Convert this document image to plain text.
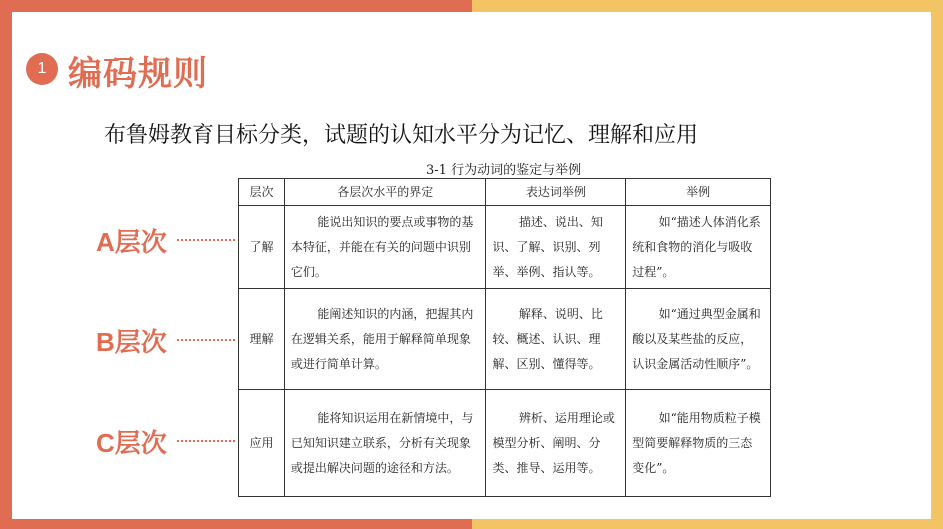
1 编码规则
布鲁姆教育目标分类，试题的认知水平分为记忆、理解和应用
3-1 行为动词的鉴定与举例
层次	各层次水平的界定	表达词举例	举例
了解	能说出知识的要点或事物的基本特征，并能在有关的问题中识别它们。	描述、说出、知识、了解、识别、列举、举例、指认等。	如“描述人体消化系统和食物的消化与吸收过程”。
理解	能阐述知识的内涵，把握其内在逻辑关系，能用于解释简单现象或进行简单计算。	解释、说明、比较、概述、认识、理解、区别、懂得等。	如“通过典型金属和酸以及某些盐的反应，认识金属活动性顺序”。
应用	能将知识运用在新情境中，与已知知识建立联系，分析有关现象或提出解决问题的途径和方法。	辨析、运用理论或模型分析、阐明、分类、推导、运用等。	如“能用物质粒子模型简要解释物质的三态变化”。
A层次
B层次
C层次
